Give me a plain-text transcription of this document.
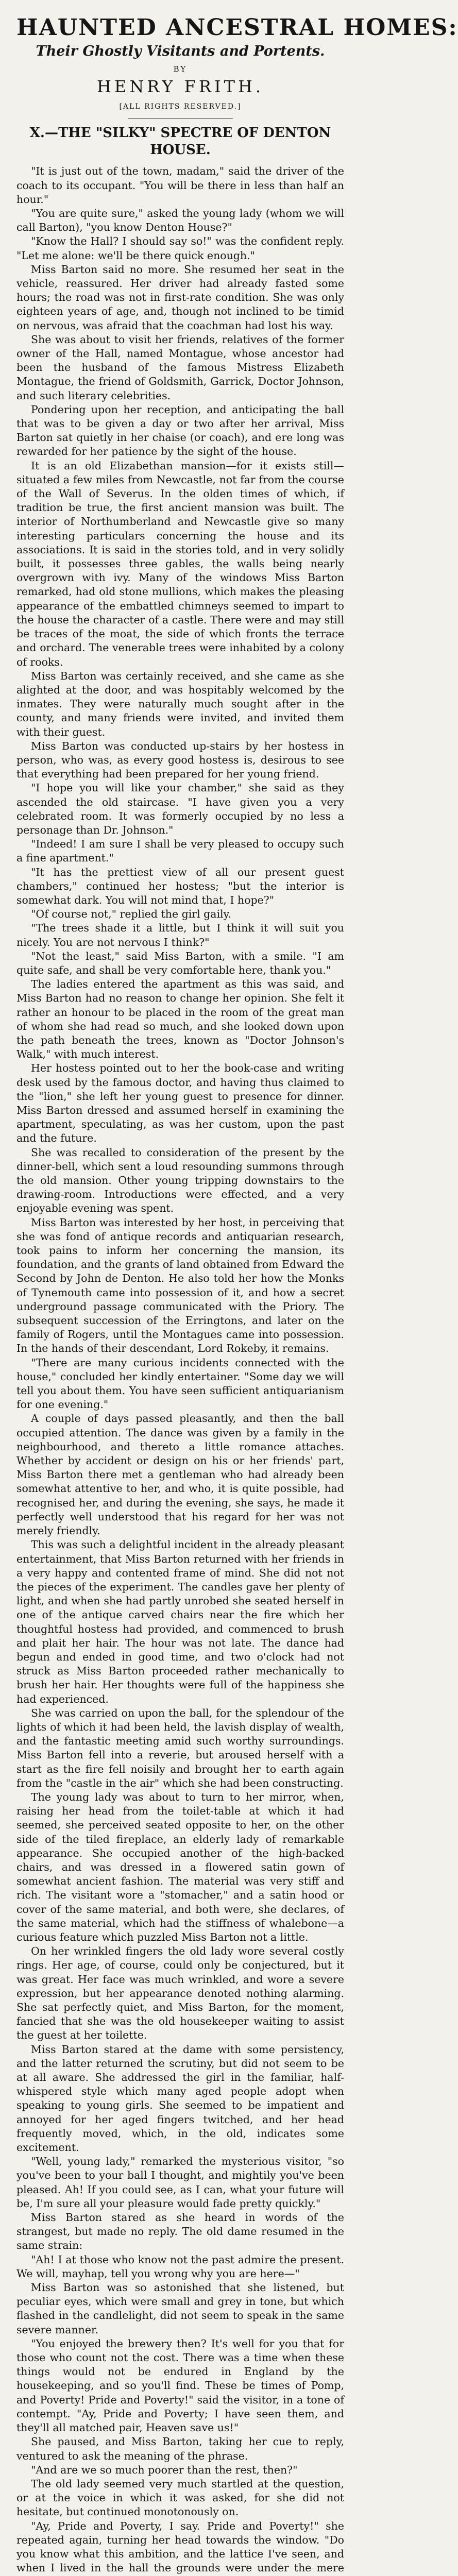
HAUNTED ANCESTRAL HOMES:
Their Ghostly Visitants and Portents.
BY
HENRY FRITH.
[ALL RIGHTS RESERVED.]
X.—THE "SILKY" SPECTRE OF DENTON HOUSE.

"It is just out of the town, madam," said the driver of the coach to its occupant. "You will be there in less than half an hour."

"You are quite sure," asked the young lady (whom we will call Barton), "you know Denton House?"

"Know the Hall? I should say so!" was the confident reply. "Let me alone: we'll be there quick enough."

Miss Barton said no more. She resumed her seat in the vehicle, reassured. Her driver had already fasted some hours; the road was not in first-rate condition. She was only eighteen years of age, and, though not inclined to be timid on nervous, was afraid that the coachman had lost his way.

She was about to visit her friends, relatives of the former owner of the Hall, named Montague, whose ancestor had been the husband of the famous Mistress Elizabeth Montague, the friend of Goldsmith, Garrick, Doctor Johnson, and such literary celebrities.

Pondering upon her reception, and anticipating the ball that was to be given a day or two after her arrival, Miss Barton sat quietly in her chaise (or coach), and ere long was rewarded for her patience by the sight of the house.

It is an old Elizabethan mansion—for it exists still—situated a few miles from Newcastle, not far from the course of the Wall of Severus. In the olden times of which, if tradition be true, the first ancient mansion was built. The interior of Northumberland and Newcastle give so many interesting particulars concerning the house and its associations. It is said in the stories told, and in very solidly built, it possesses three gables, the walls being nearly overgrown with ivy. Many of the windows Miss Barton remarked, had old stone mullions, which makes the pleasing appearance of the embattled chimneys seemed to impart to the house the character of a castle. There were and may still be traces of the moat, the side of which fronts the terrace and orchard. The venerable trees were inhabited by a colony of rooks.

Miss Barton was certainly received, and she came as she alighted at the door, and was hospitably welcomed by the inmates. They were naturally much sought after in the county, and many friends were invited, and invited them with their guest.

Miss Barton was conducted up-stairs by her hostess in person, who was, as every good hostess is, desirous to see that everything had been prepared for her young friend.

"I hope you will like your chamber," she said as they ascended the old staircase. "I have given you a very celebrated room. It was formerly occupied by no less a personage than Dr. Johnson."

"Indeed! I am sure I shall be very pleased to occupy such a fine apartment."

"It has the prettiest view of all our present guest chambers," continued her hostess; "but the interior is somewhat dark. You will not mind that, I hope?"

"Of course not," replied the girl gaily.

"The trees shade it a little, but I think it will suit you nicely. You are not nervous I think?"

"Not the least," said Miss Barton, with a smile. "I am quite safe, and shall be very comfortable here, thank you."

The ladies entered the apartment as this was said, and Miss Barton had no reason to change her opinion. She felt it rather an honour to be placed in the room of the great man of whom she had read so much, and she looked down upon the path beneath the trees, known as "Doctor Johnson's Walk," with much interest.

Her hostess pointed out to her the book-case and writing desk used by the famous doctor, and having thus claimed to the "lion," she left her young guest to presence for dinner. Miss Barton dressed and assumed herself in examining the apartment, speculating, as was her custom, upon the past and the future.

She was recalled to consideration of the present by the dinner-bell, which sent a loud resounding summons through the old mansion. Other young tripping downstairs to the drawing-room. Introductions were effected, and a very enjoyable evening was spent.

Miss Barton was interested by her host, in perceiving that she was fond of antique records and antiquarian research, took pains to inform her concerning the mansion, its foundation, and the grants of land obtained from Edward the Second by John de Denton. He also told her how the Monks of Tynemouth came into possession of it, and how a secret underground passage communicated with the Priory. The subsequent succession of the Erringtons, and later on the family of Rogers, until the Montagues came into possession. In the hands of their descendant, Lord Rokeby, it remains.

"There are many curious incidents connected with the house," concluded her kindly entertainer. "Some day we will tell you about them. You have seen sufficient antiquarianism for one evening."

A couple of days passed pleasantly, and then the ball occupied attention. The dance was given by a family in the neighbourhood, and thereto a little romance attaches. Whether by accident or design on his or her friends' part, Miss Barton there met a gentleman who had already been somewhat attentive to her, and who, it is quite possible, had recognised her, and during the evening, she says, he made it perfectly well understood that his regard for her was not merely friendly.

This was such a delightful incident in the already pleasant entertainment, that Miss Barton returned with her friends in a very happy and contented frame of mind. She did not not the pieces of the experiment. The candles gave her plenty of light, and when she had partly unrobed she seated herself in one of the antique carved chairs near the fire which her thoughtful hostess had provided, and commenced to brush and plait her hair. The hour was not late. The dance had begun and ended in good time, and two o'clock had not struck as Miss Barton proceeded rather mechanically to brush her hair. Her thoughts were full of the happiness she had experienced.

She was carried on upon the ball, for the splendour of the lights of which it had been held, the lavish display of wealth, and the fantastic meeting amid such worthy surroundings. Miss Barton fell into a reverie, but aroused herself with a start as the fire fell noisily and brought her to earth again from the "castle in the air" which she had been constructing.

The young lady was about to turn to her mirror, when, raising her head from the toilet-table at which it had seemed, she perceived seated opposite to her, on the other side of the tiled fireplace, an elderly lady of remarkable appearance. She occupied another of the high-backed chairs, and was dressed in a flowered satin gown of somewhat ancient fashion. The material was very stiff and rich. The visitant wore a "stomacher," and a satin hood or cover of the same material, and both were, she declares, of the same material, which had the stiffness of whalebone—a curious feature which puzzled Miss Barton not a little.

On her wrinkled fingers the old lady wore several costly rings. Her age, of course, could only be conjectured, but it was great. Her face was much wrinkled, and wore a severe expression, but her appearance denoted nothing alarming. She sat perfectly quiet, and Miss Barton, for the moment, fancied that she was the old housekeeper waiting to assist the guest at her toilette.

Miss Barton stared at the dame with some persistency, and the latter returned the scrutiny, but did not seem to be at all aware. She addressed the girl in the familiar, half-whispered style which many aged people adopt when speaking to young girls. She seemed to be impatient and annoyed for her aged fingers twitched, and her head frequently moved, which, in the old, indicates some excitement.

"Well, young lady," remarked the mysterious visitor, "so you've been to your ball I thought, and mightily you've been pleased. Ah! If you could see, as I can, what your future will be, I'm sure all your pleasure would fade pretty quickly."

Miss Barton stared as she heard in words of the strangest, but made no reply. The old dame resumed in the same strain:

"Ah! I at those who know not the past admire the present. We will, mayhap, tell you wrong why you are here—"

Miss Barton was so astonished that she listened, but peculiar eyes, which were small and grey in tone, but which flashed in the candlelight, did not seem to speak in the same severe manner.

"You enjoyed the brewery then? It's well for you that for those who count not the cost. There was a time when these things would not be endured in England by the housekeeping, and so you'll find. These be times of Pomp, and Poverty! Pride and Poverty!" said the visitor, in a tone of contempt. "Ay, Pride and Poverty; I have seen them, and they'll all matched pair, Heaven save us!"

She paused, and Miss Barton, taking her cue to reply, ventured to ask the meaning of the phrase.

"And are we so much poorer than the rest, then?"

The old lady seemed very much startled at the question, or at the voice in which it was asked, for she did not hesitate, but continued monotonously on.

"Ay, Pride and Poverty, I say. Pride and Poverty!" she repeated again, turning her head towards the window. "Do you know what this ambition, and the lattice I've seen, and when I lived in the hall the grounds were under the mere
